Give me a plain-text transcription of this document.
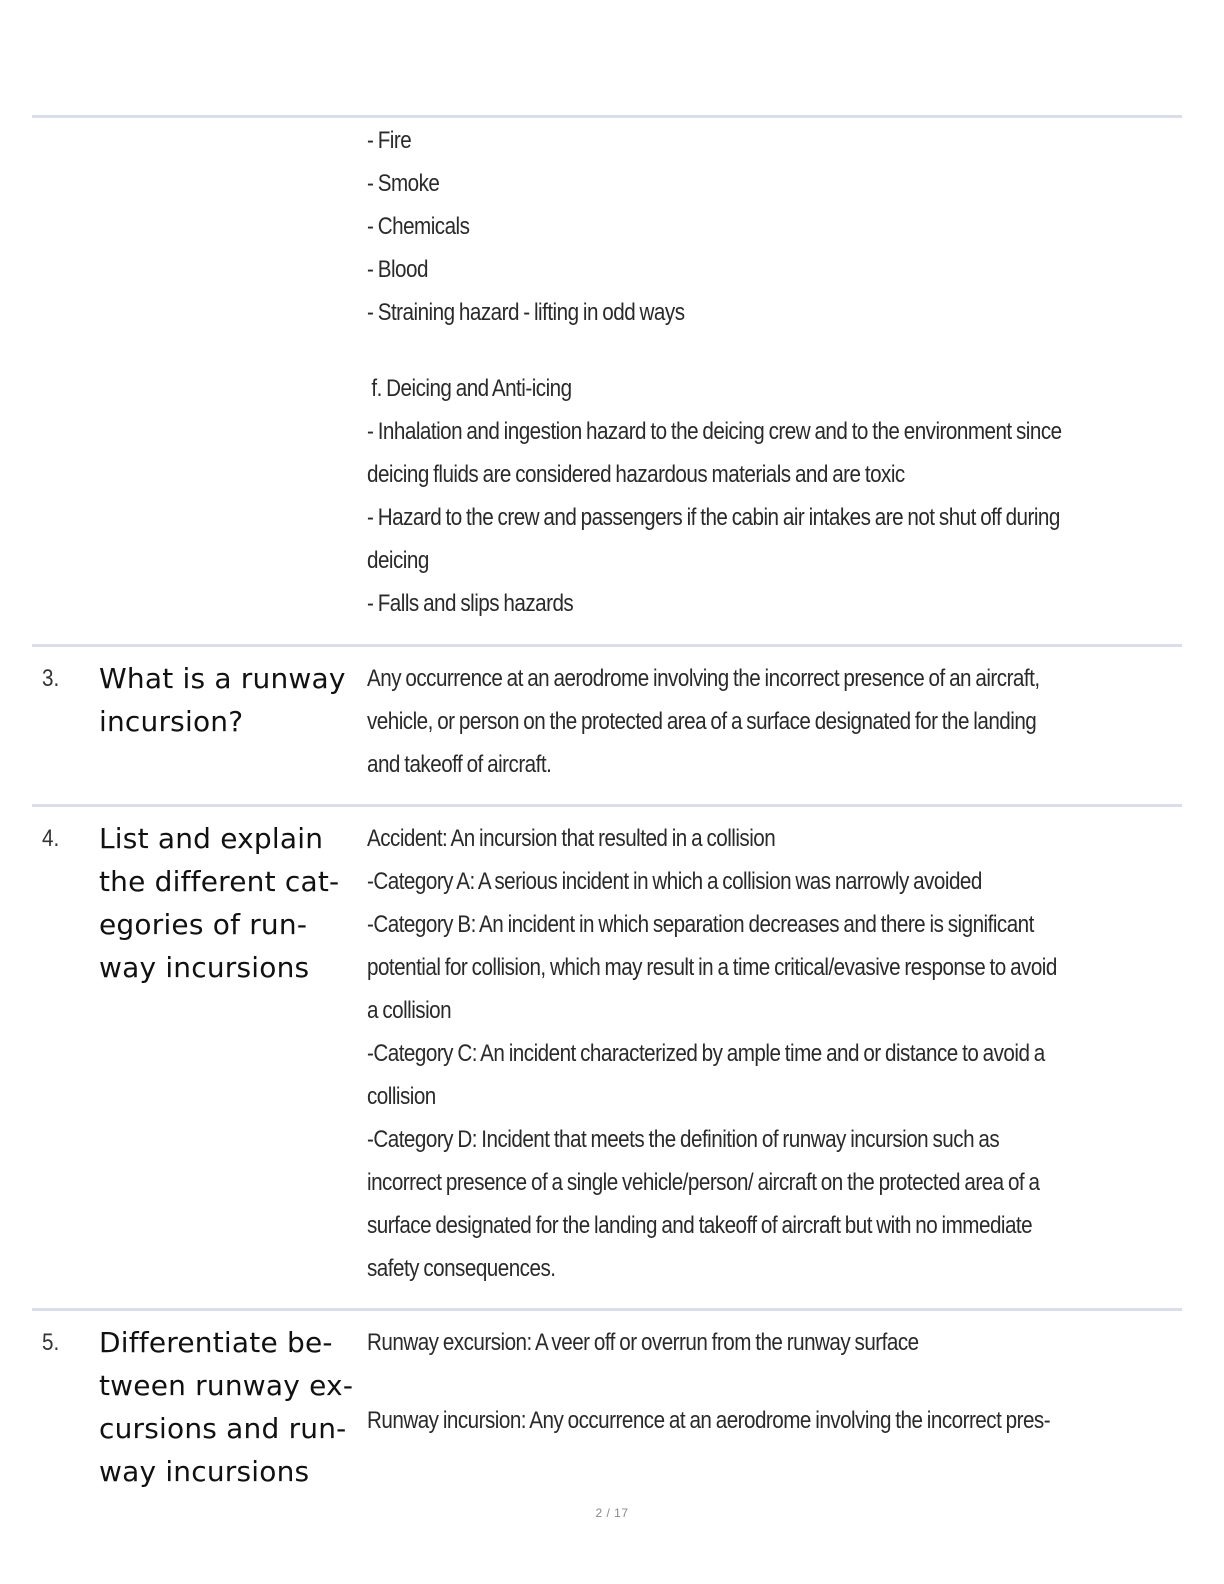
- Fire
- Smoke
- Chemicals
- Blood
- Straining hazard - lifting in odd ways
f. Deicing and Anti-icing
- Inhalation and ingestion hazard to the deicing crew and to the environment since
deicing fluids are considered hazardous materials and are toxic
- Hazard to the crew and passengers if the cabin air intakes are not shut off during
deicing
- Falls and slips hazards
3. What is a runway
incursion?
Any occurrence at an aerodrome involving the incorrect presence of an aircraft,
vehicle, or person on the protected area of a surface designated for the landing
and takeoff of aircraft.
4. List and explain
the different cat-
egories of run-
way incursions
Accident: An incursion that resulted in a collision
-Category A: A serious incident in which a collision was narrowly avoided
-Category B: An incident in which separation decreases and there is significant
potential for collision, which may result in a time critical/evasive response to avoid
a collision
-Category C: An incident characterized by ample time and or distance to avoid a
collision
-Category D: Incident that meets the definition of runway incursion such as
incorrect presence of a single vehicle/person/ aircraft on the protected area of a
surface designated for the landing and takeoff of aircraft but with no immediate
safety consequences.
5. Differentiate be-
tween runway ex-
cursions and run-
way incursions
Runway excursion: A veer off or overrun from the runway surface
Runway incursion: Any occurrence at an aerodrome involving the incorrect pres-
2 / 17
